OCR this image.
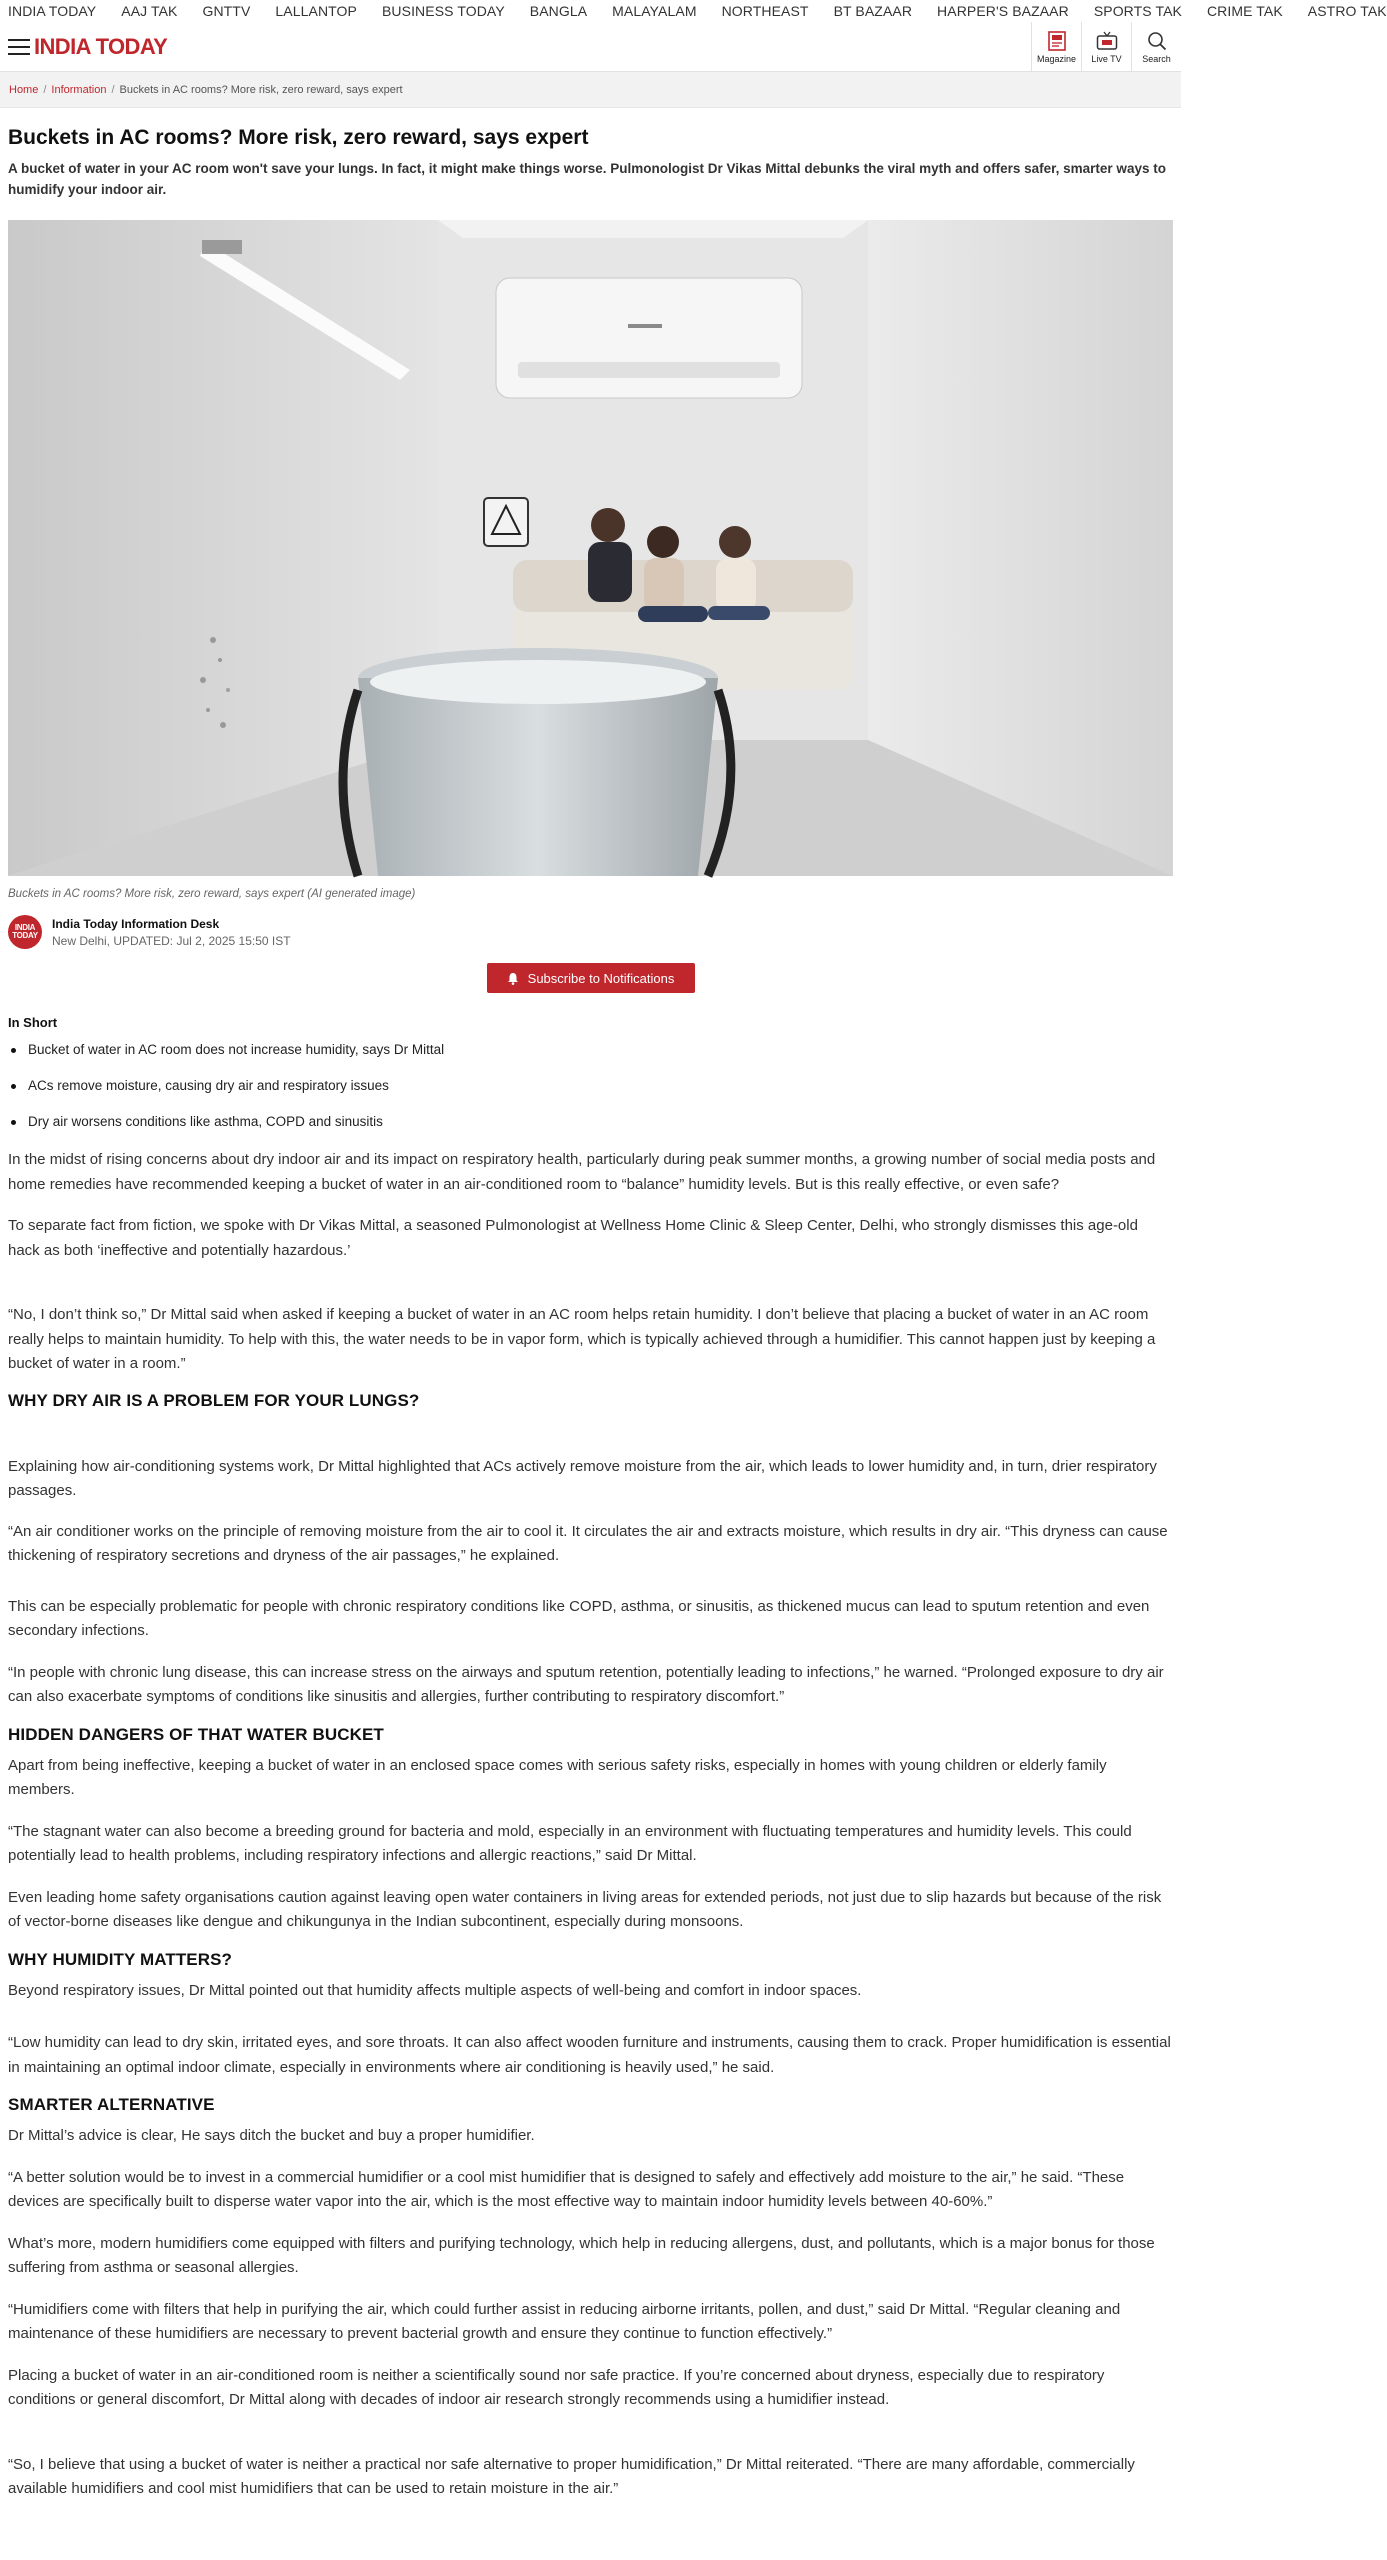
INDIA TODAY AAJ TAK GNTTV LALLANTOP BUSINESS TODAY BANGLA MALAYALAM NORTHEAST BT BAZAAR HARPER'S BAZAAR SPORTS TAK CRIME TAK ASTRO TAK
INDIA TODAY	Magazine Live TV Search
Home / Information / Buckets in AC rooms? More risk, zero reward, says expert
Buckets in AC rooms? More risk, zero reward, says expert

A bucket of water in your AC room won't save your lungs. In fact, it might make things worse. Pulmonologist Dr Vikas Mittal debunks the viral myth and offers safer, smarter ways to humidify your indoor air.

Buckets in AC rooms? More risk, zero reward, says expert (AI generated image)

INDIA TODAY
India Today Information Desk
New Delhi, UPDATED: Jul 2, 2025 15:50 IST
Subscribe to Notifications
In Short
Bucket of water in AC room does not increase humidity, says Dr Mittal
ACs remove moisture, causing dry air and respiratory issues
Dry air worsens conditions like asthma, COPD and sinusitis

In the midst of rising concerns about dry indoor air and its impact on respiratory health, particularly during peak summer months, a growing number of social media posts and home remedies have recommended keeping a bucket of water in an air-conditioned room to “balance” humidity levels. But is this really effective, or even safe?

To separate fact from fiction, we spoke with Dr Vikas Mittal, a seasoned Pulmonologist at Wellness Home Clinic & Sleep Center, Delhi, who strongly dismisses this age-old hack as both ‘ineffective and potentially hazardous.’

“No, I don’t think so,” Dr Mittal said when asked if keeping a bucket of water in an AC room helps retain humidity. I don’t believe that placing a bucket of water in an AC room really helps to maintain humidity. To help with this, the water needs to be in vapor form, which is typically achieved through a humidifier. This cannot happen just by keeping a bucket of water in a room.”

WHY DRY AIR IS A PROBLEM FOR YOUR LUNGS?

Explaining how air-conditioning systems work, Dr Mittal highlighted that ACs actively remove moisture from the air, which leads to lower humidity and, in turn, drier respiratory passages.

“An air conditioner works on the principle of removing moisture from the air to cool it. It circulates the air and extracts moisture, which results in dry air. “This dryness can cause thickening of respiratory secretions and dryness of the air passages,” he explained.

This can be especially problematic for people with chronic respiratory conditions like COPD, asthma, or sinusitis, as thickened mucus can lead to sputum retention and even secondary infections.

“In people with chronic lung disease, this can increase stress on the airways and sputum retention, potentially leading to infections,” he warned. “Prolonged exposure to dry air can also exacerbate symptoms of conditions like sinusitis and allergies, further contributing to respiratory discomfort.”

HIDDEN DANGERS OF THAT WATER BUCKET

Apart from being ineffective, keeping a bucket of water in an enclosed space comes with serious safety risks, especially in homes with young children or elderly family members.

“The stagnant water can also become a breeding ground for bacteria and mold, especially in an environment with fluctuating temperatures and humidity levels. This could potentially lead to health problems, including respiratory infections and allergic reactions,” said Dr Mittal.

Even leading home safety organisations caution against leaving open water containers in living areas for extended periods, not just due to slip hazards but because of the risk of vector-borne diseases like dengue and chikungunya in the Indian subcontinent, especially during monsoons.

WHY HUMIDITY MATTERS?

Beyond respiratory issues, Dr Mittal pointed out that humidity affects multiple aspects of well-being and comfort in indoor spaces.

“Low humidity can lead to dry skin, irritated eyes, and sore throats. It can also affect wooden furniture and instruments, causing them to crack. Proper humidification is essential in maintaining an optimal indoor climate, especially in environments where air conditioning is heavily used,” he said.

SMARTER ALTERNATIVE

Dr Mittal’s advice is clear, He says ditch the bucket and buy a proper humidifier.

“A better solution would be to invest in a commercial humidifier or a cool mist humidifier that is designed to safely and effectively add moisture to the air,” he said. “These devices are specifically built to disperse water vapor into the air, which is the most effective way to maintain indoor humidity levels between 40-60%.”

What’s more, modern humidifiers come equipped with filters and purifying technology, which help in reducing allergens, dust, and pollutants, which is a major bonus for those suffering from asthma or seasonal allergies.

“Humidifiers come with filters that help in purifying the air, which could further assist in reducing airborne irritants, pollen, and dust,” said Dr Mittal. “Regular cleaning and maintenance of these humidifiers are necessary to prevent bacterial growth and ensure they continue to function effectively.”

Placing a bucket of water in an air-conditioned room is neither a scientifically sound nor safe practice. If you’re concerned about dryness, especially due to respiratory conditions or general discomfort, Dr Mittal along with decades of indoor air research strongly recommends using a humidifier instead.

“So, I believe that using a bucket of water is neither a practical nor safe alternative to proper humidification,” Dr Mittal reiterated. “There are many affordable, commercially available humidifiers and cool mist humidifiers that can be used to retain moisture in the air.”
